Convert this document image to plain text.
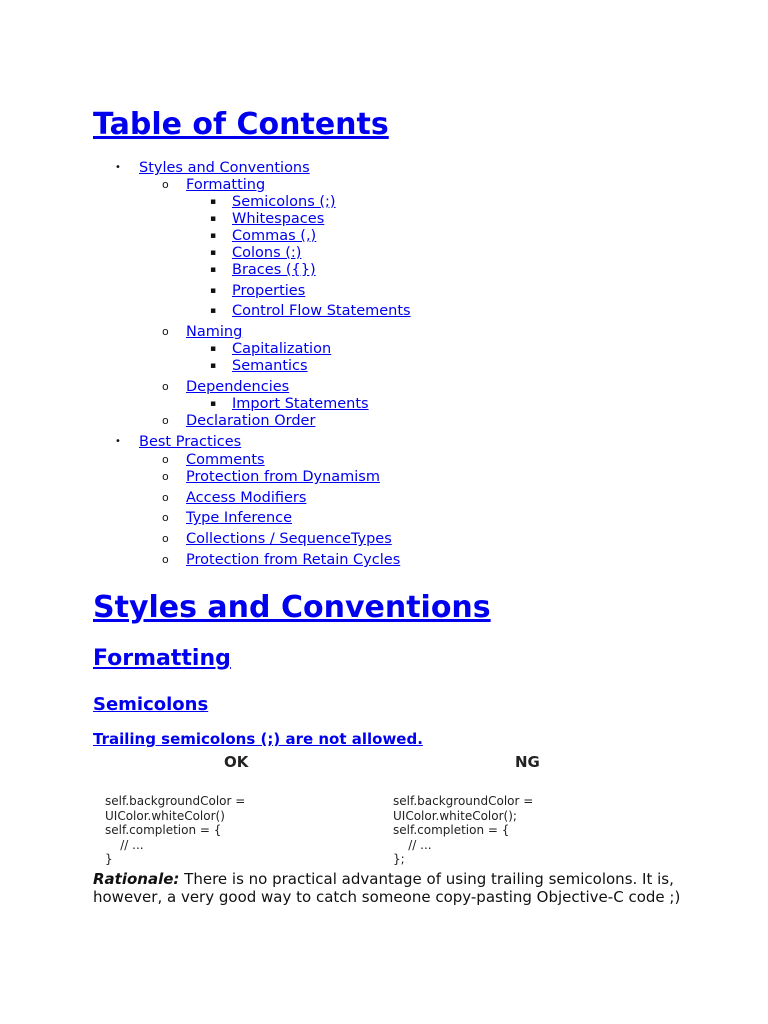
Table of Contents
• Styles and Conventions
o Formatting
▪ Semicolons (;)
▪ Whitespaces
▪ Commas (,)
▪ Colons (:)
▪ Braces ({})
▪ Properties
▪ Control Flow Statements
o Naming
▪ Capitalization
▪ Semantics
o Dependencies
▪ Import Statements
o Declaration Order
• Best Practices
o Comments
o Protection from Dynamism
o Access Modifiers
o Type Inference
o Collections / SequenceTypes
o Protection from Retain Cycles
Styles and Conventions
Formatting
Semicolons
Trailing semicolons (;) are not allowed.
OK	NG
self.backgroundColor =
UIColor.whiteColor()
self.completion = {
// ...
}
self.backgroundColor =
UIColor.whiteColor();
self.completion = {
// ...
};
Rationale: There is no practical advantage of using trailing semicolons. It is, however, a very good way to catch someone copy-pasting Objective-C code ;)
